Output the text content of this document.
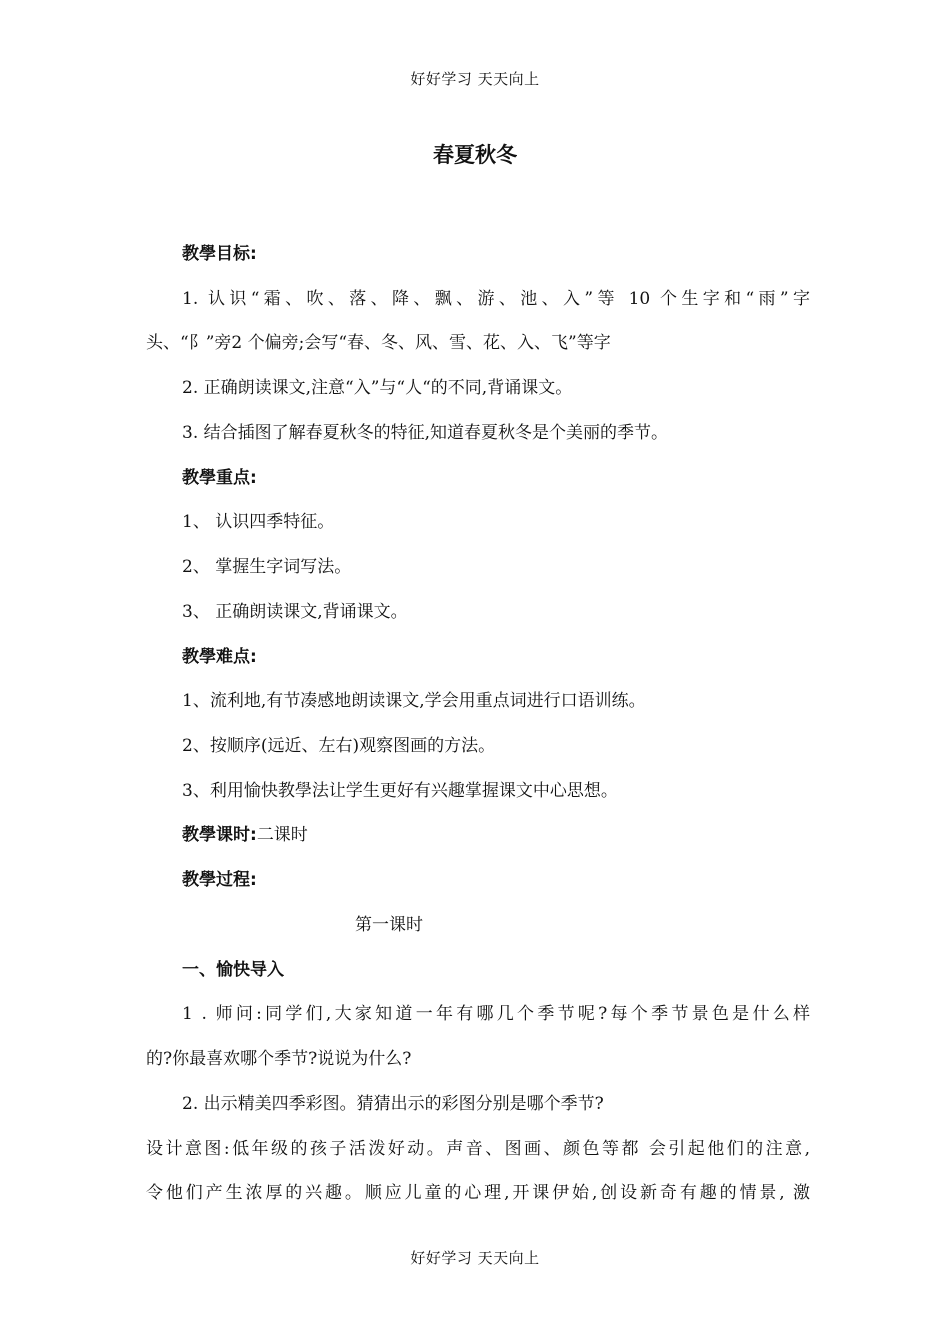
好好学习 天天向上
春夏秋冬
教學目标:
1. 认识“霜、吹、落、降、飘、游、池、入”等 10 个生字和“雨”字
头、“阝”旁2 个偏旁;会写“春、冬、风、雪、花、入、飞”等字
2. 正确朗读课文,注意“入”与“人“的不同,背诵课文。
3. 结合插图了解春夏秋冬的特征,知道春夏秋冬是个美丽的季节。
教學重点:
1、 认识四季特征。
2、 掌握生字词写法。
3、 正确朗读课文,背诵课文。
教學难点:
1、流利地,有节凑感地朗读课文,学会用重点词进行口语训练。
2、按顺序(远近、左右)观察图画的方法。
3、利用愉快教學法让学生更好有兴趣掌握课文中心思想。
教學课时:二课时
教學过程:
第一课时
一、愉快导入
1 . 师问:同学们,大家知道一年有哪几个季节呢?每个季节景色是什么样
的?你最喜欢哪个季节?说说为什么?
2. 出示精美四季彩图。猜猜出示的彩图分别是哪个季节?
设计意图:低年级的孩子活泼好动。声音、图画、颜色等都 会引起他们的注意,
令他们产生浓厚的兴趣。顺应儿童的心理,开课伊始,创设新奇有趣的情景, 激
好好学习 天天向上
